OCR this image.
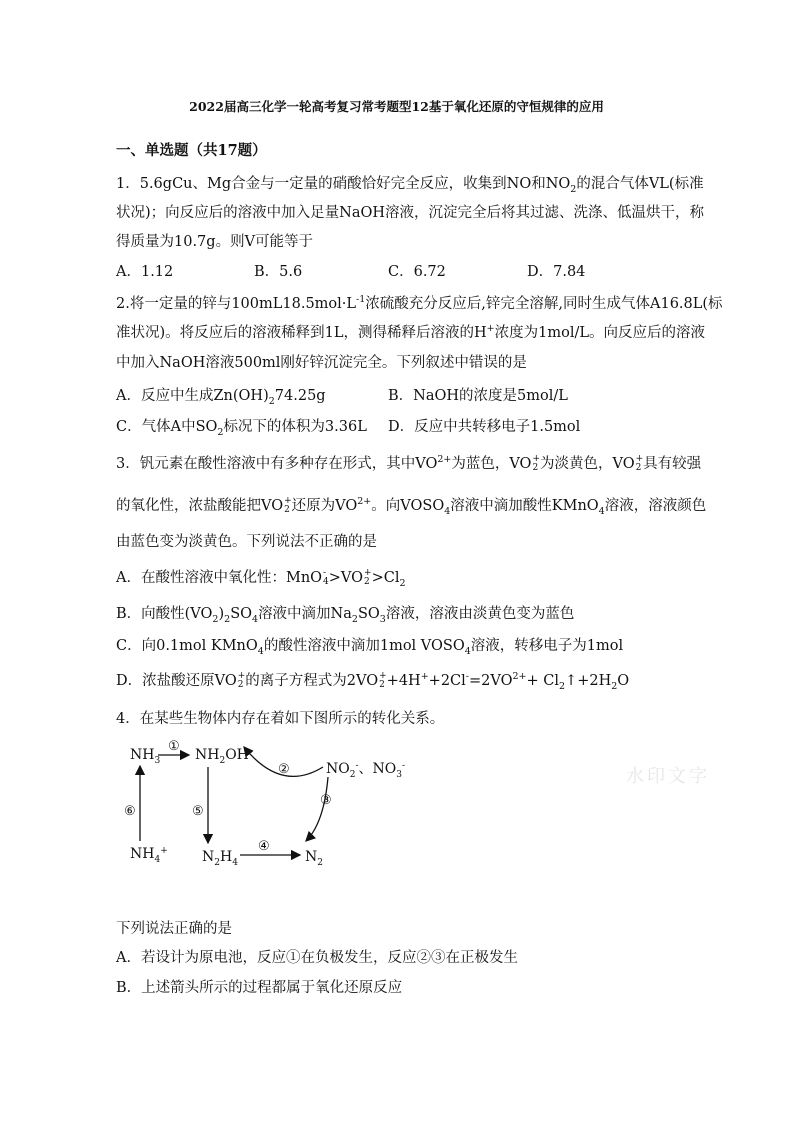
2022届高三化学一轮高考复习常考题型12基于氧化还原的守恒规律的应用
一、单选题（共17题）
1．5.6gCu、Mg合金与一定量的硝酸恰好完全反应，收集到NO和$NO_2$的混合气体VL(标准
状况)；向反应后的溶液中加入足量NaOH溶液，沉淀完全后将其过滤、洗涤、低温烘干，称
得质量为10.7g。则V可能等于
A．1.12	B．5.6	C．6.72	D．7.84
2.将一定量的锌与$100mL18.5mol\cdot L^{-1}$浓硫酸充分反应后,锌完全溶解,同时生成气体A16.8L(标
准状况)。将反应后的溶液稀释到1L，测得稀释后溶液的H+浓度为1mol/L。向反应后的溶液
中加入NaOH溶液500ml刚好锌沉淀完全。下列叙述中错误的是
A．反应中生成$Zn(OH)_274.25g$	B．NaOH的浓度是5mol/L
C．气体A中$SO_2$标况下的体积为3.36L D．反应中共转移电子1.5mol
3．钒元素在酸性溶液中有多种存在形式，其中$VO^{2+}$为蓝色，VO +
2 为淡黄色，VO +
2 具有较强
的氧化性，浓盐酸能把VO +
2 还原为$VO^{2+}$。向$VOSO_4$溶液中滴加酸性KMnO$_4$溶液，溶液颜色
由蓝色变为淡黄色。下列说法不正确的是
A．在酸性溶液中氧化性：MnO -
4 >VO +
$2 >Cl_2$
B．向酸性$(VO_2)_2SO_4$溶液中滴加$Na_2SO_3$溶液，溶液由淡黄色变为蓝色
C．向0.1mol KMnO$_4$的酸性溶液中滴加1mol $VOSO_4$溶液，转移电子为1mol
D．浓盐酸还原VO +
2 的离子方程式为2VO +
$2 +4H^++2Cl^-=2VO^{2+}+$ $Cl_2↑+2H_2O$
4．在某些生物体内存在着如下图所示的转化关系。
$NH_3$ $NH_2OH$
$NO_2^-$、$NO_3^-$
$NH_4^+$ $N_2H_4$	$N_2$
①
②
③
④
⑤
⑥
下列说法正确的是
A．若设计为原电池，反应①在负极发生，反应②③在正极发生
B．上述箭头所示的过程都属于氧化还原反应
水印文字
